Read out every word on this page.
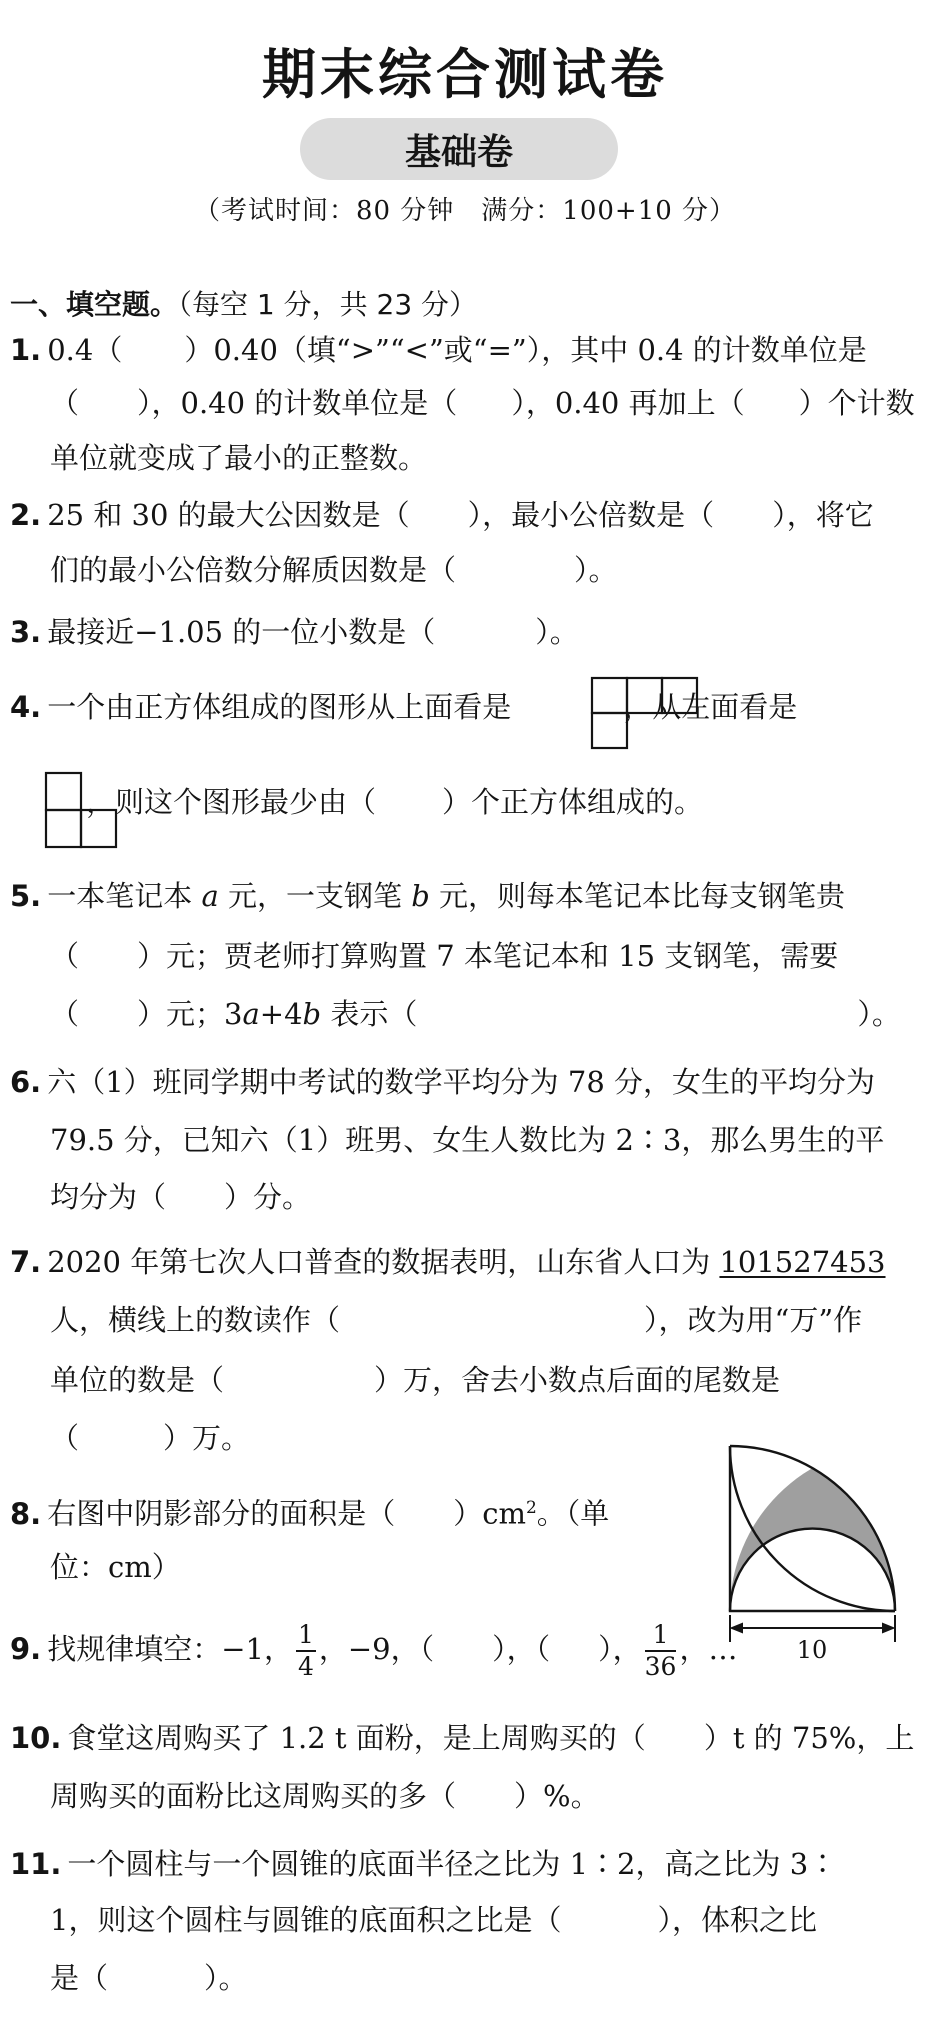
期末综合测试卷
基础卷
（考试时间：80 分钟　满分：100+10 分）
一、填空题。（每空 1 分，共 23 分）
1. 0.4（ ）0.40（填“>”“<”或“=”），其中 0.4 的计数单位是
（ ），0.40 的计数单位是（ ），0.40 再加上（ ）个计数
单位就变成了最小的正整数。
2. 25 和 30 的最大公因数是（ ），最小公倍数是（ ），将它
们的最小公倍数分解质因数是（	）。
3. 最接近−1.05 的一位小数是（	）。
4. 一个由正方体组成的图形从上面看是	，从左面看是
，则这个图形最少由（ ）个正方体组成的。
5. 一本笔记本 a 元，一支钢笔 b 元，则每本笔记本比每支钢笔贵
（ ）元；贾老师打算购置 7 本笔记本和 15 支钢笔，需要
（ ）元；3a+4b 表示（	）。
6. 六（1）班同学期中考试的数学平均分为 78 分，女生的平均分为
79.5 分，已知六（1）班男、女生人数比为 2∶3，那么男生的平
均分为（ ）分。
7. 2020 年第七次人口普查的数据表明，山东省人口为 101527453
人，横线上的数读作（	），改为用“万”作
单位的数是（	）万，舍去小数点后面的尾数是
（	）万。
8. 右图中阴影部分的面积是（ ）$cm^2$。（单
位：cm）
10
9. 找规律填空：−1， $\frac{1}{4}$ ，−9，（ ），（ ）， $\frac{1}{36}$ ，…
10. 食堂这周购买了 1.2 t 面粉，是上周购买的（ ）t 的 75%，上
周购买的面粉比这周购买的多（ ）%。
11. 一个圆柱与一个圆锥的底面半径之比为 1∶2，高之比为 3∶
1，则这个圆柱与圆锥的底面积之比是（	），体积之比
是（	）。
